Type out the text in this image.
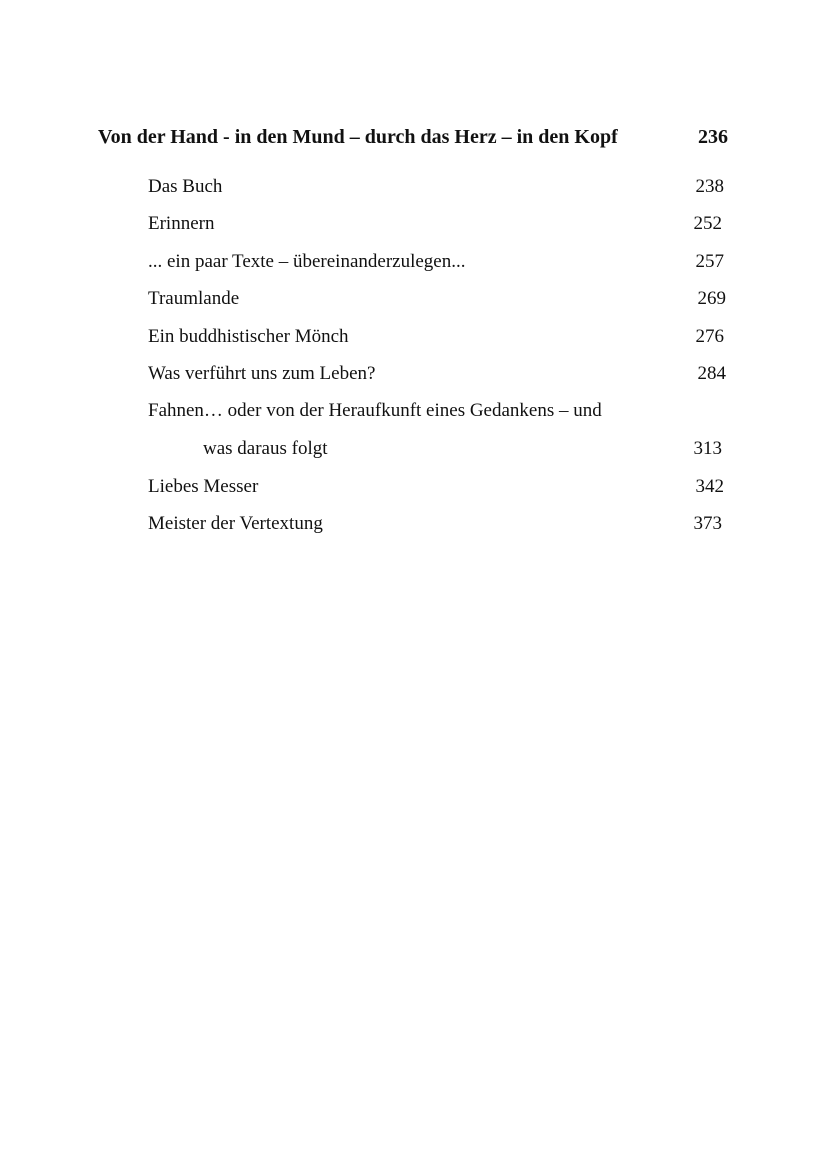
Von der Hand - in den Mund – durch das Herz – in den Kopf	236
Das Buch	238
Erinnern	252
... ein paar Texte – übereinanderzulegen...	257
Traumlande	269
Ein buddhistischer Mönch	276
Was verführt uns zum Leben?	284
Fahnen… oder von der Heraufkunft eines Gedankens – und
was daraus folgt	313
Liebes Messer	342
Meister der Vertextung	373
